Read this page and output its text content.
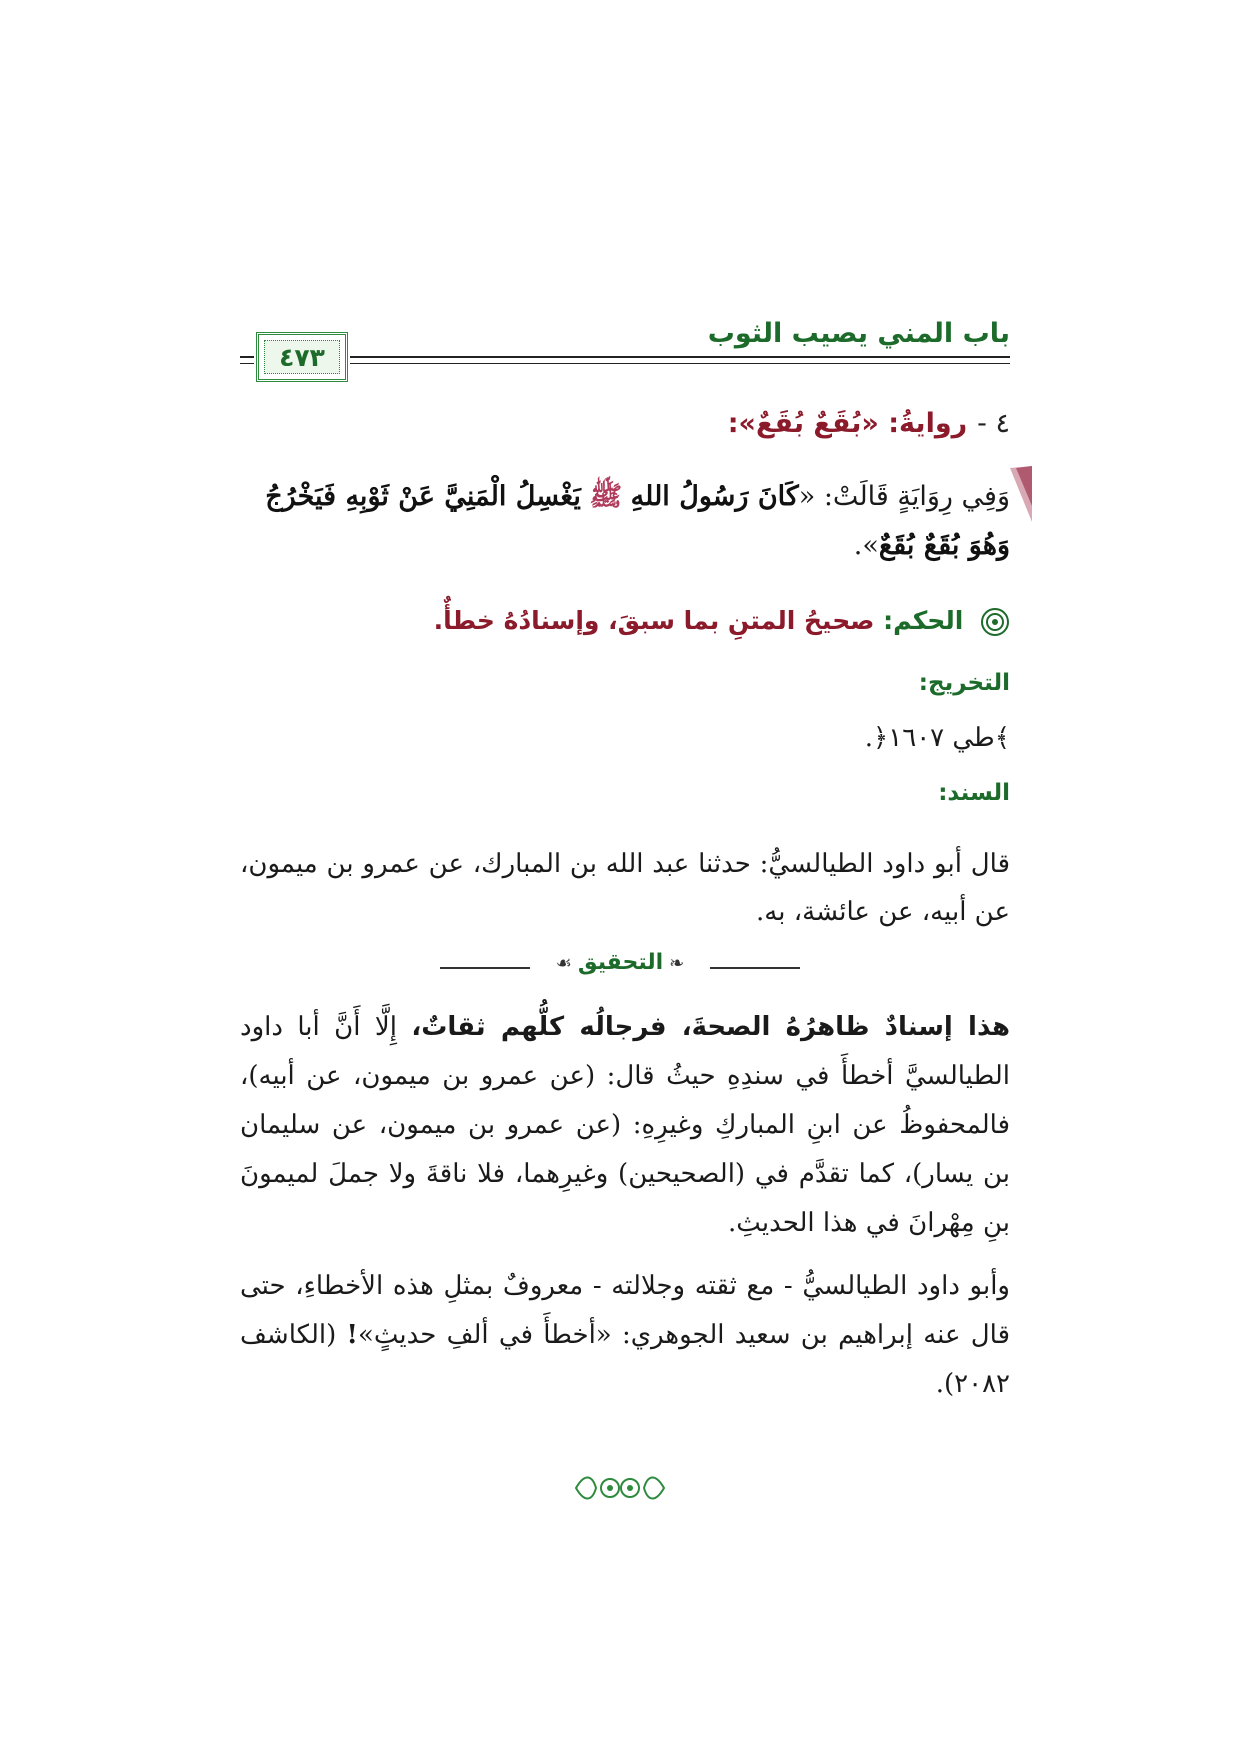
باب المني يصيب الثوب
٤٧٣
٤ -روايةُ: «بُقَعٌ بُقَعٌ»:
وَفِي رِوَايَةٍ قَالَتْ: «كَانَ رَسُولُ اللهِ ﷺ يَغْسِلُ الْمَنِيَّ عَنْ ثَوْبِهِ فَيَخْرُجُ وَهُوَ بُقَعٌ بُقَعٌ».
الحكم: صحيحُ المتنِ بما سبقَ، وإسنادُهُ خطأٌ.
التخريج:
﴾طي ١٦٠٧﴿.
السند:
قال أبو داود الطيالسيُّ: حدثنا عبد الله بن المبارك، عن عمرو بن ميمون، عن أبيه، عن عائشة، به.
❧التحقيق☙

هذا إسنادٌ ظاهرُهُ الصحةَ، فرجالُه كلُّهم ثقاتٌ، إِلَّا أَنَّ أبا داود الطيالسيَّ أخطأَ في سندِهِ حيثُ قال: (عن عمرو بن ميمون، عن أبيه)، فالمحفوظُ عن ابنِ المباركِ وغيرِهِ: (عن عمرو بن ميمون، عن سليمان بن يسار)، كما تقدَّم في (الصحيحين) وغيرِهما، فلا ناقةَ ولا جملَ لميمونَ بنِ مِهْرانَ في هذا الحديثِ.

وأبو داود الطيالسيُّ - مع ثقته وجلالته - معروفٌ بمثلِ هذه الأخطاءِ، حتى قال عنه إبراهيم بن سعيد الجوهري: «أخطأَ في ألفِ حديثٍ»! (الكاشف ٢٠٨٢).
